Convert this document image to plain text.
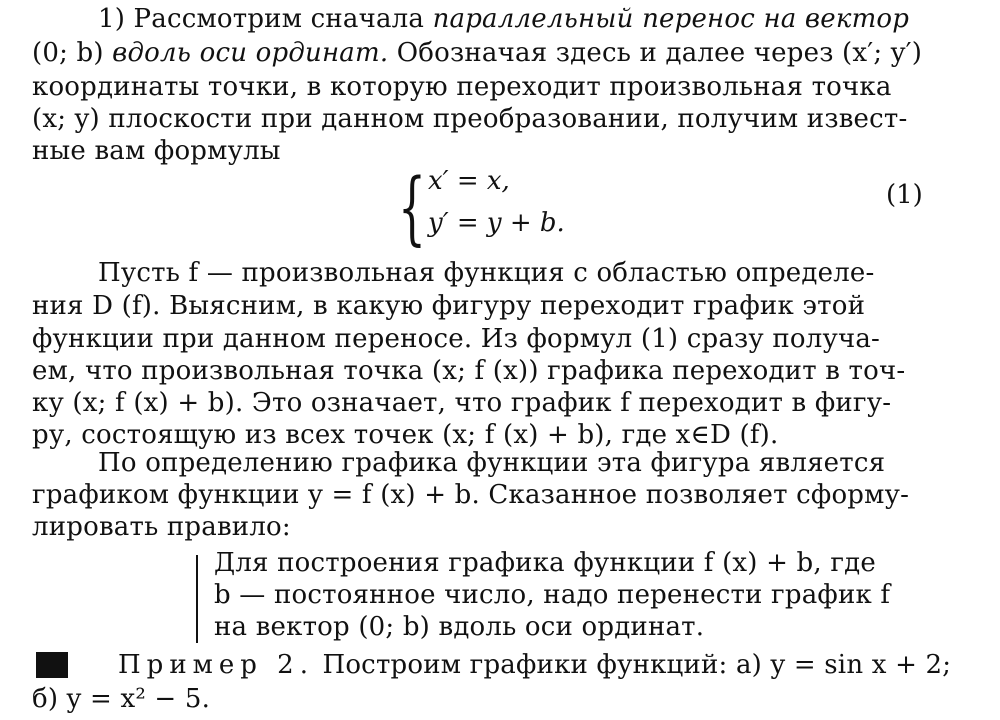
1) Рассмотрим сначала параллельный перенос на вектор
(0; b) вдоль оси ординат. Обозначая здесь и далее через (x′; y′)
координаты точки, в которую переходит произвольная точка
(x; y) плоскости при данном преобразовании, получим извест-
ные вам формулы
{ x′ = x,
y′ = y + b.
(1)
Пусть f — произвольная функция с областью определе-
ния D (f). Выясним, в какую фигуру переходит график этой
функции при данном переносе. Из формул (1) сразу получа-
ем, что произвольная точка (x; f (x)) графика переходит в точ-
ку (x; f (x) + b). Это означает, что график f переходит в фигу-
ру, состоящую из всех точек (x; f (x) + b), где x∈D (f).
По определению графика функции эта фигура является
графиком функции y = f (x) + b. Сказанное позволяет сформу-
лировать правило:
Для построения графика функции f (x) + b, где
b — постоянное число, надо перенести график f
на вектор (0; b) вдоль оси ординат.
Пример 2. Построим графики функций: а) y = sin x + 2;
б) y = x² − 5.
